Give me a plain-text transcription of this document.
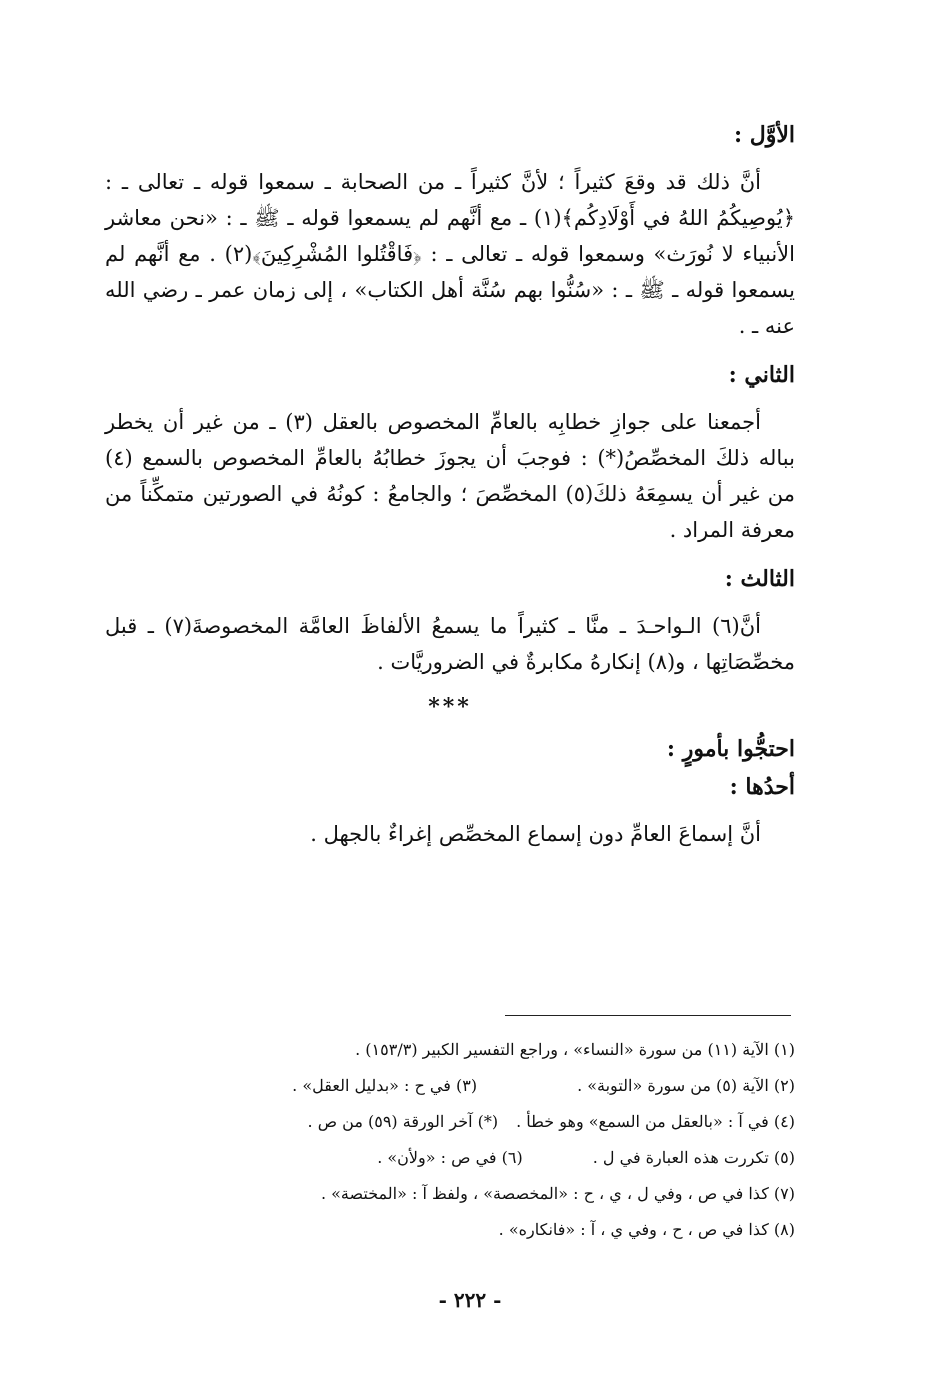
الأوَّل :
أنَّ ذلك قد وقعَ كثيراً ؛ لأنَّ كثيراً ـ من الصحابة ـ سمعوا قوله ـ تعالى ـ : ﴿يُوصِيكُمُ اللهُ في أَوْلَادِكُم﴾(١) ـ مع أنَّهم لم يسمعوا قوله ـ ﷺ ـ : «نحن معاشر الأنبياء لا نُورَث» وسمعوا قوله ـ تعالى ـ : ﴿فَاقْتُلوا المُشْرِكِينَ﴾(٢) . مع أنَّهم لم يسمعوا قوله ـ ﷺ ـ : «سُنُّوا بهم سُنَّة أهل الكتاب» ، إلى زمان عمر ـ رضي الله عنه ـ .
الثاني :
أجمعنا على جوازِ خطابِه بالعامِّ المخصوص بالعقل (٣) ـ من غير أن يخطر بباله ذلكَ المخصِّصُ(*) : فوجبَ أن يجوزَ خطابُهُ بالعامِّ المخصوص بالسمع (٤) من غير أن يسمِعَهُ ذلكَ(٥) المخصِّصَ ؛ والجامعُ : كونُهُ في الصورتين متمكِّناً من معرفة المراد .
الثالث :
أنَّ(٦) الـواحـدَ ـ منَّا ـ كثيراً ما يسمعُ الألفاظَ العامَّة المخصوصةَ(٧) ـ قبل مخصِّصَاتِها ، و(٨) إنكارهُ مكابرةٌ في الضروريَّات .
***
احتجُّوا بأمورٍ :
أحدُها :
أنَّ إسماعَ العامِّ دون إسماع المخصِّص إغراءٌ بالجهل .
(١) الآية (١١) من سورة «النساء» ، وراجع التفسير الكبير (١٥٣/٣) .
(٢) الآية (٥) من سورة «التوبة» .
(٣) في ح : «بدليل العقل» .
(٤) في آ : «بالعقل من السمع» وهو خطأ .
(*) آخر الورقة (٥٩) من ص .
(٥) تكررت هذه العبارة في ل .
(٦) في ص : «ولأن» .
(٧) كذا في ص ، وفي ل ، ي ، ح : «المخصصة» ، ولفظ آ : «المختصة» .
(٨) كذا في ص ، ح ، وفي ي ، آ : «فانكاره» .
- ٢٢٢ -
